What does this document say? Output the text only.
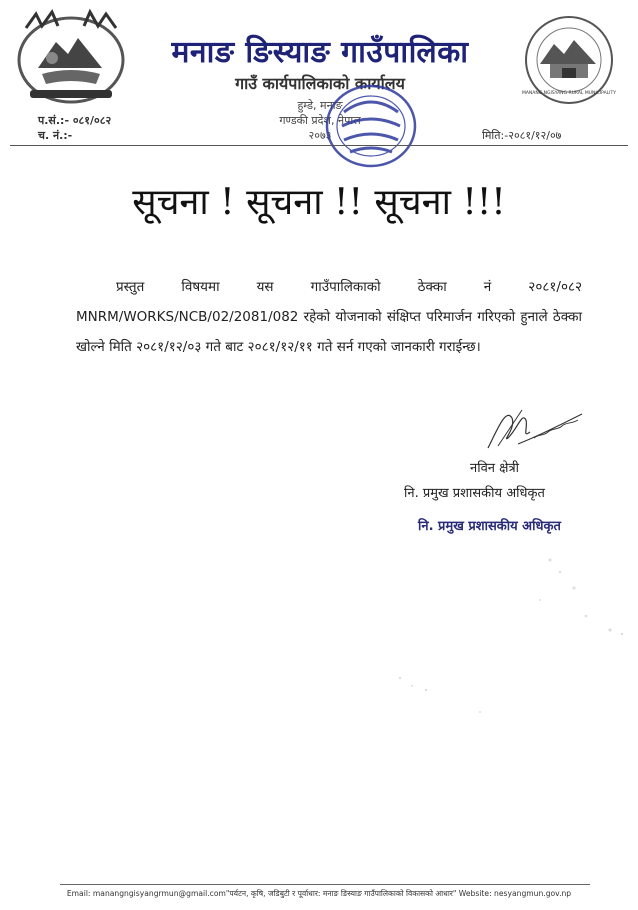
MANANG NGISYANG RURAL MUNICIPALITY
मनाङ ङिस्याङ गाउँपालिका
गाउँ कार्यपालिकाको कार्यालय
हुम्डे, मनाङ
गण्डकी प्रदेश, नेपाल
२०७३
प.सं.:- ०८१/०८२
च. नं.:-	मिति:-२०८१/१२/०७
सूचना ! सूचना !! सूचना !!!
प्रस्तुत विषयमा यस गाउँपालिकाको ठेक्का नं २०८१/०८२ MNRM/WORKS/NCB/02/2081/082 रहेको योजनाको संक्षिप्त परिमार्जन गरिएको हुनाले ठेक्का खोल्ने मिति २०८१/१२/०३ गते बाट २०८१/१२/११ गते सर्न गएको जानकारी गराईन्छ।
नविन क्षेत्री
नि. प्रमुख प्रशासकीय अधिकृत
नि. प्रमुख प्रशासकीय अधिकृत
Email: manangngisyangrmun@gmail.com"पर्यटन, कृषि, जडिबुटी र पूर्वाधार: मनाङ ङिस्याङ गाउँपालिकाको विकासको आधार" Website: nesyangmun.gov.np
